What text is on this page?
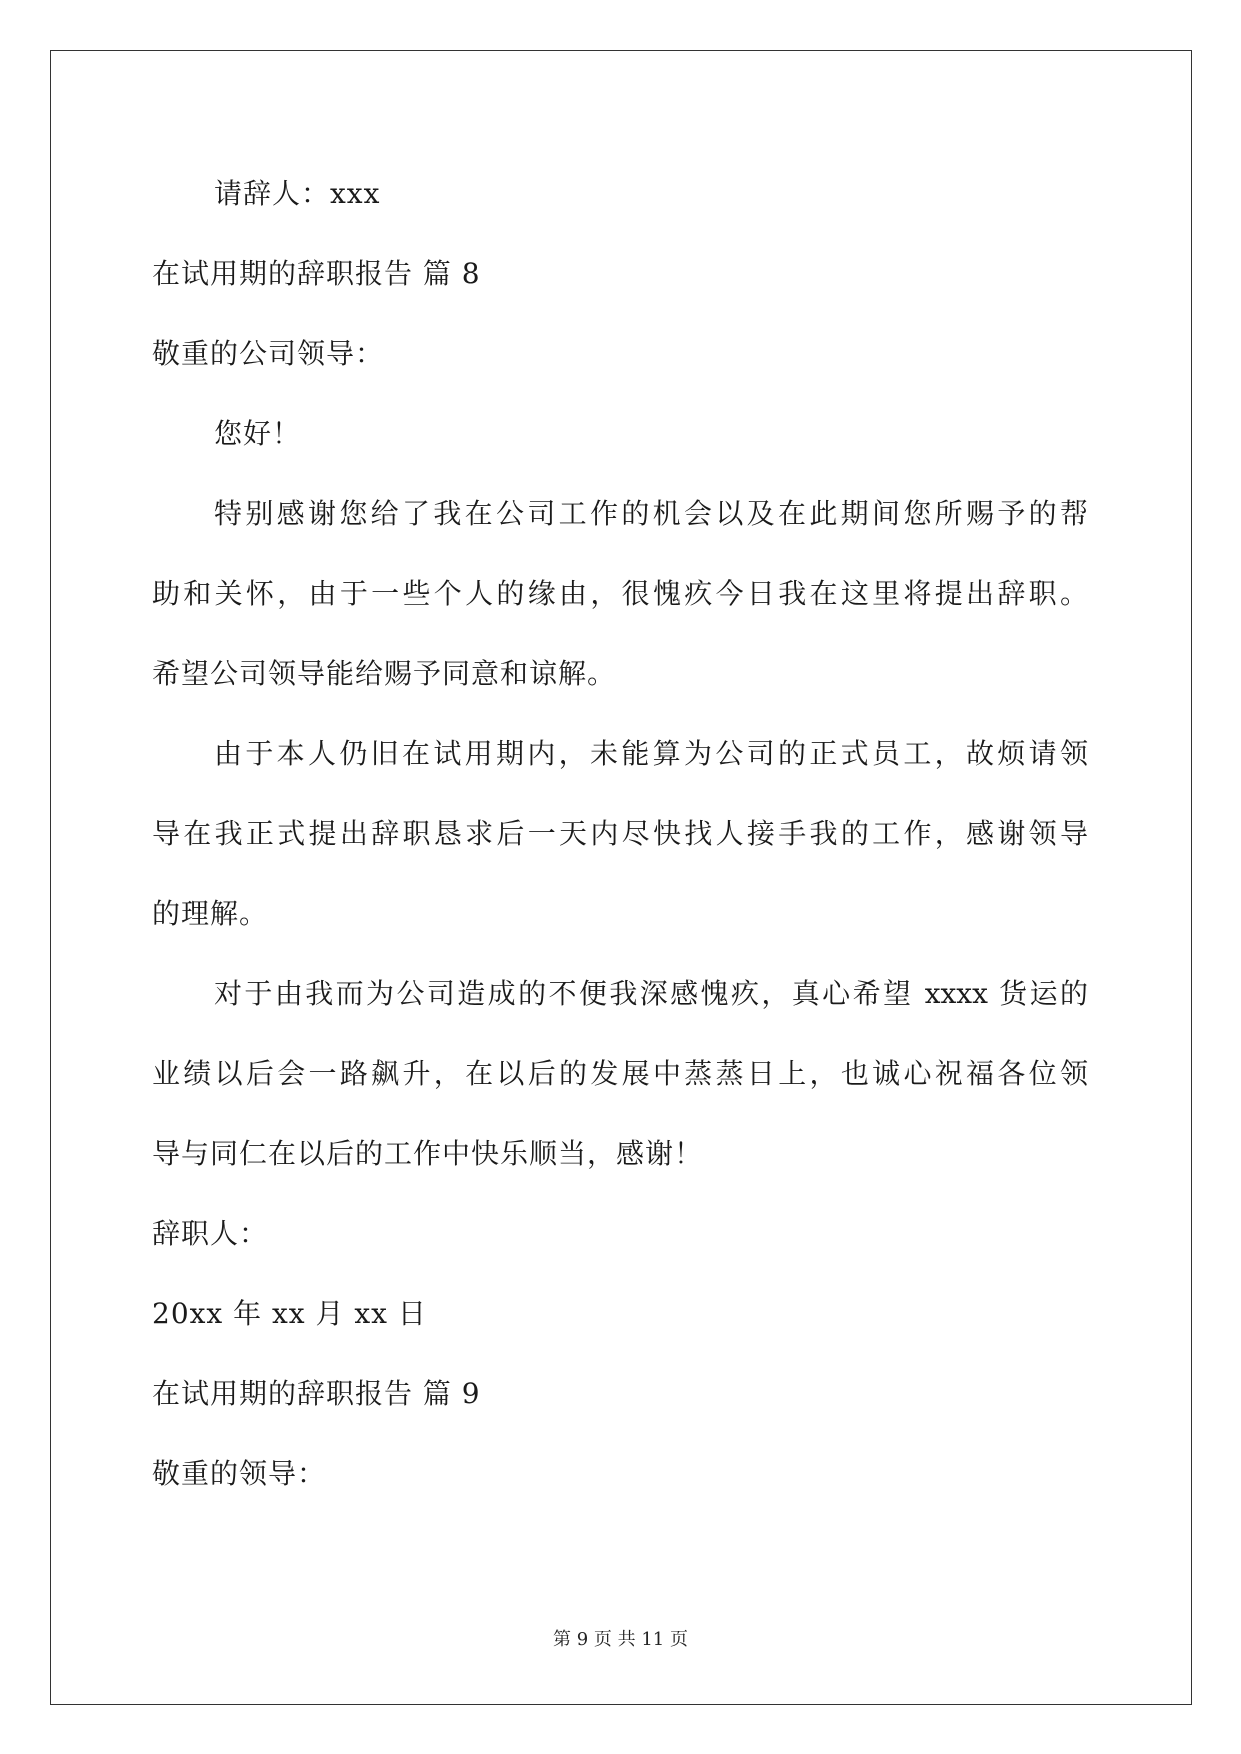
请辞人：xxx
在试用期的辞职报告 篇 8
敬重的公司领导：
您好！
特别感谢您给了我在公司工作的机会以及在此期间您所赐予的帮
助和关怀，由于一些个人的缘由，很愧疚今日我在这里将提出辞职。
希望公司领导能给赐予同意和谅解。
由于本人仍旧在试用期内，未能算为公司的正式员工，故烦请领
导在我正式提出辞职恳求后一天内尽快找人接手我的工作，感谢领导
的理解。
对于由我而为公司造成的不便我深感愧疚，真心希望 xxxx 货运的
业绩以后会一路飙升，在以后的发展中蒸蒸日上，也诚心祝福各位领
导与同仁在以后的工作中快乐顺当，感谢！
辞职人：
20xx 年 xx 月 xx 日
在试用期的辞职报告 篇 9
敬重的领导：
第 9 页 共 11 页
